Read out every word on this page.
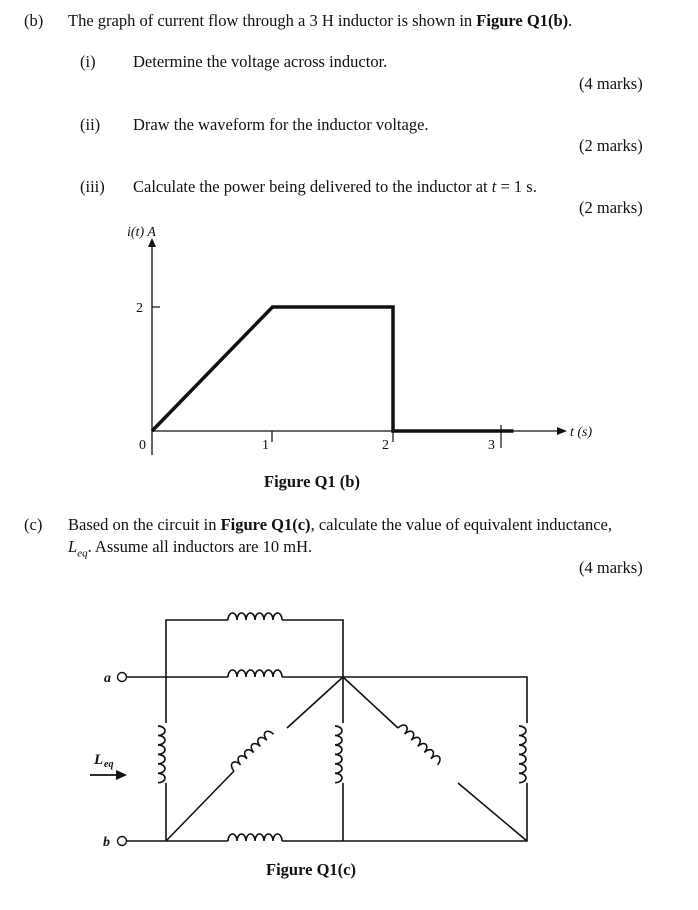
(b) The graph of current flow through a 3 H inductor is shown in Figure Q1(b).
(i) Determine the voltage across inductor.
(4 marks)
(ii) Draw the waveform for the inductor voltage.
(2 marks)
(iii) Calculate the power being delivered to the inductor at t = 1 s.
(2 marks)
i(t) A
t (s)
2
0	1	2	3
Figure Q1 (b)
(c) Based on the circuit in Figure Q1(c), calculate the value of equivalent inductance,
$L_{eq}$. Assume all inductors are 10 mH.
(4 marks)
a
b
L eq
Figure Q1(c)
